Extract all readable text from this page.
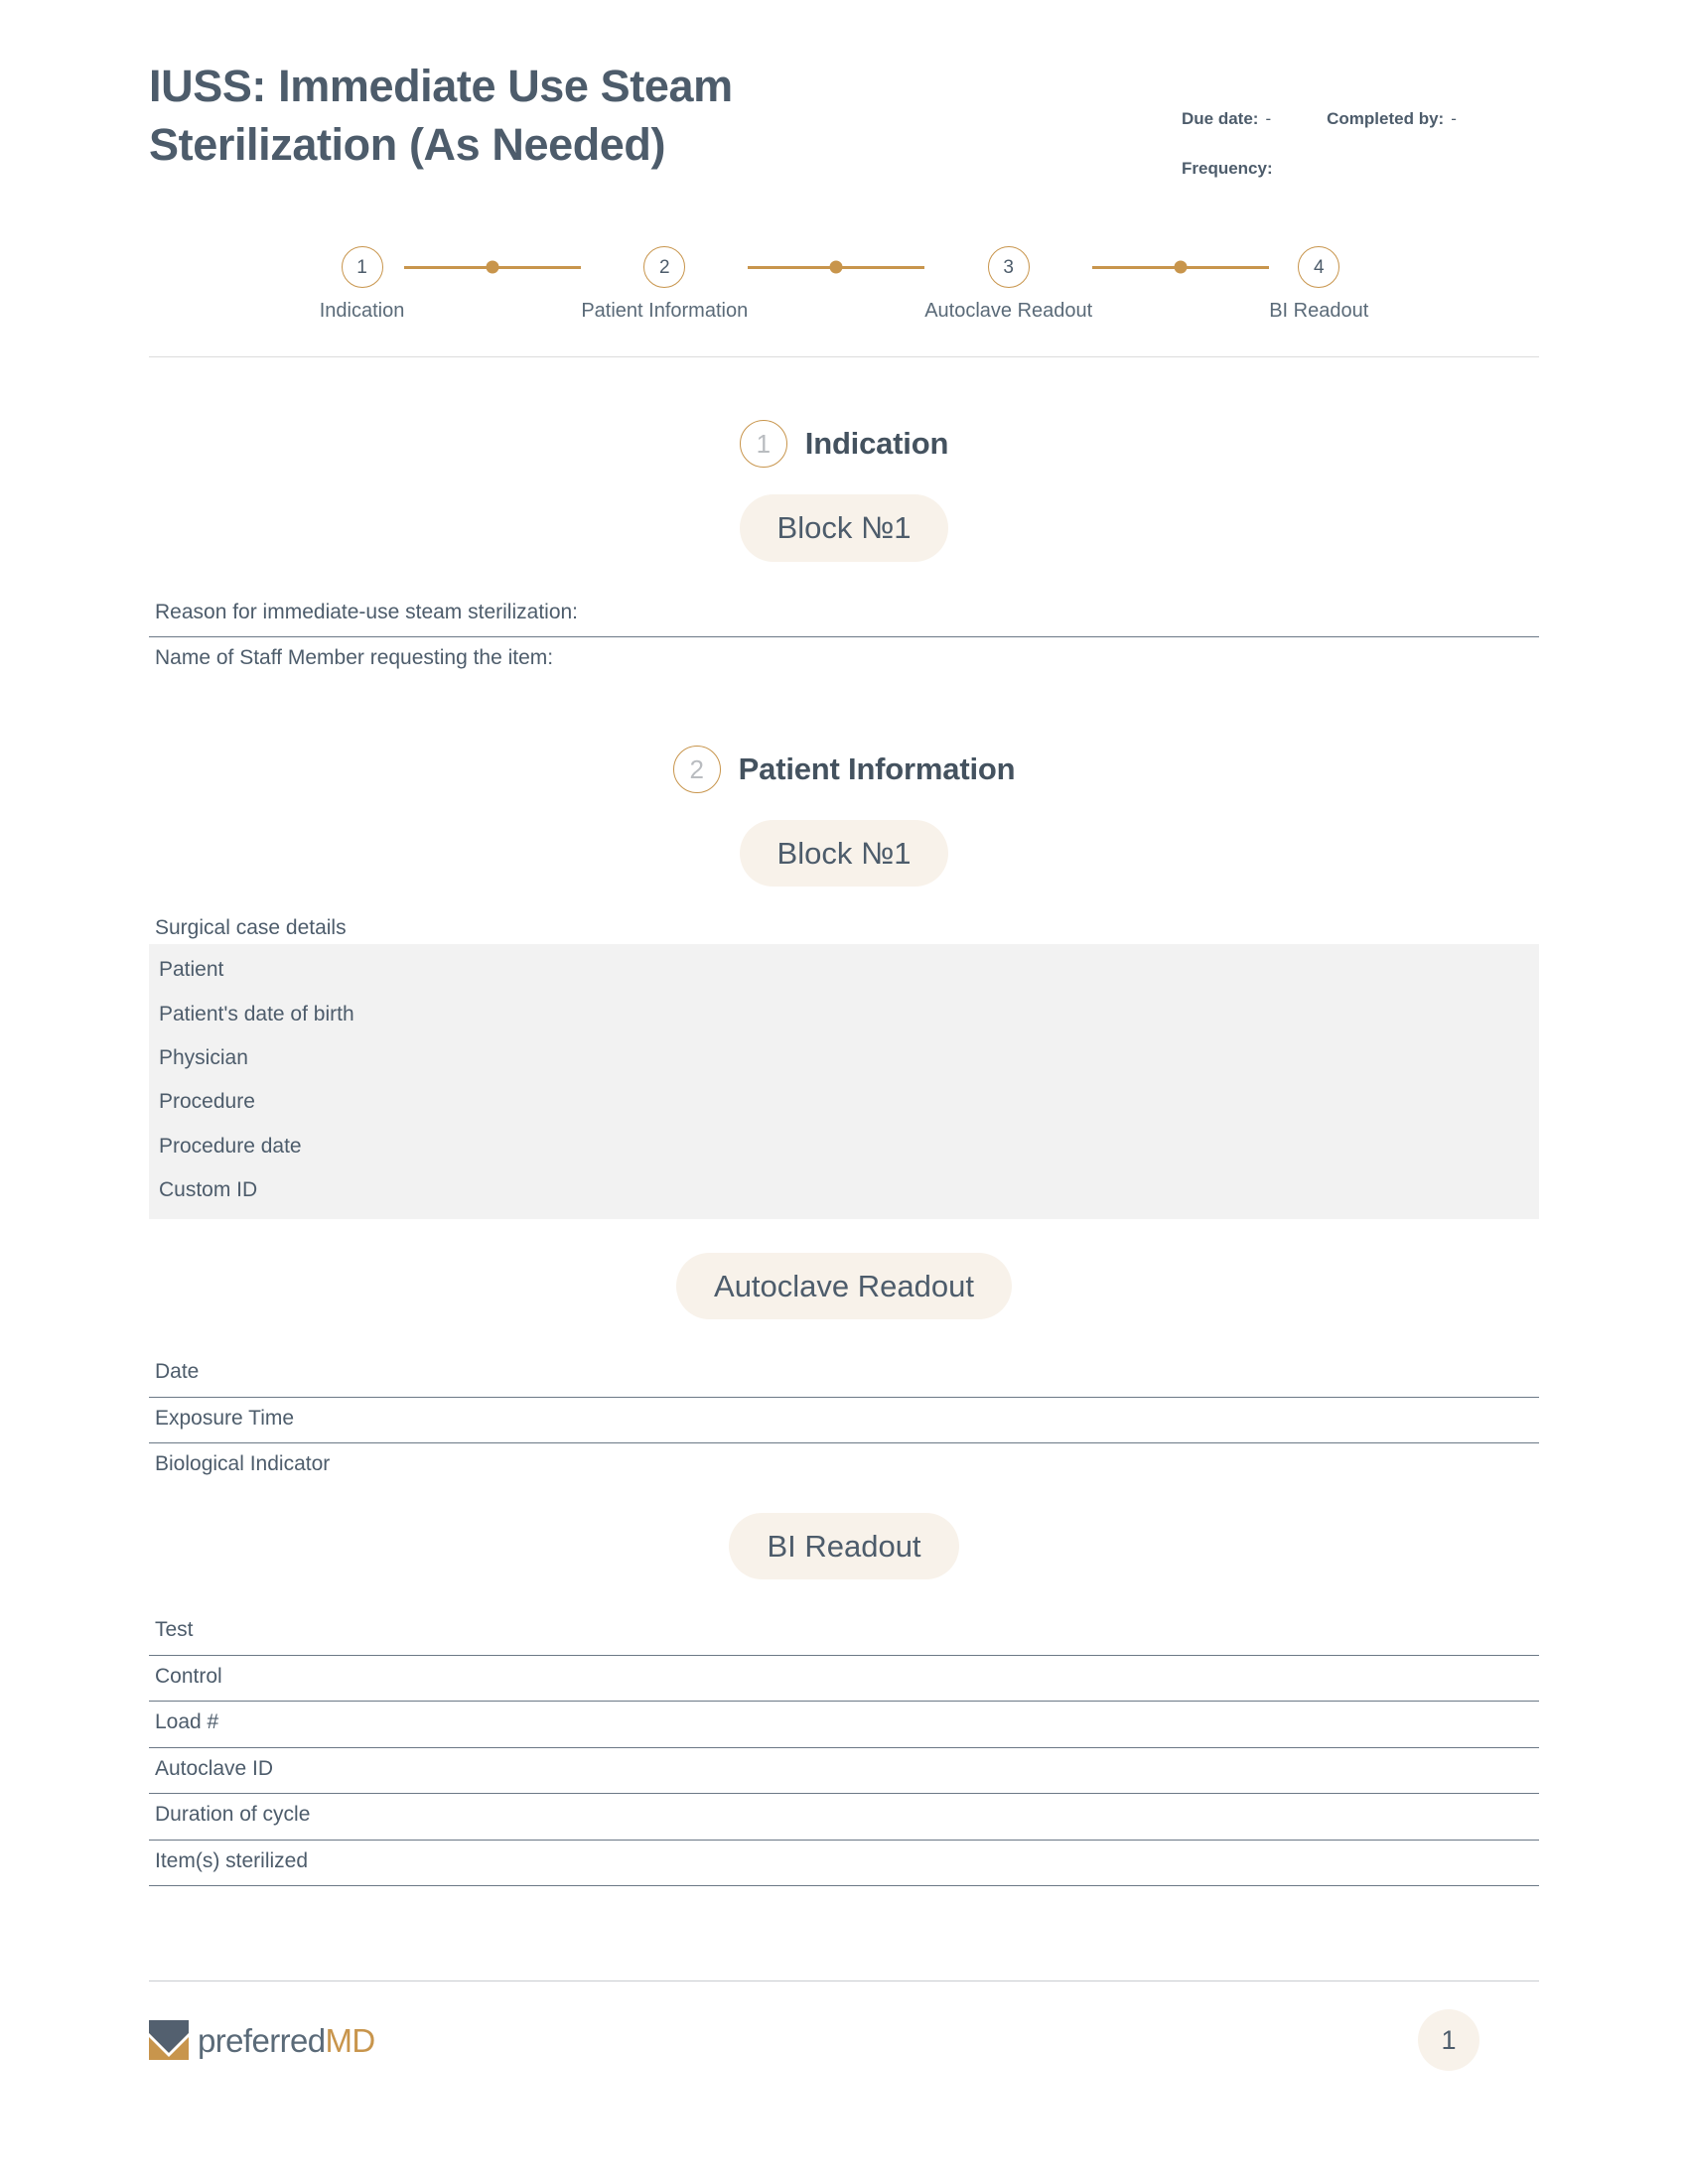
IUSS: Immediate Use Steam Sterilization (As Needed)	Due date: -	Completed by: -
Frequency:
1
Indication
2
Patient Information
3
Autoclave Readout
4
BI Readout
1	Indication
Block №1
Reason for immediate-use steam sterilization:
Name of Staff Member requesting the item:
2	Patient Information
Block №1
Surgical case details
Patient
Patient's date of birth
Physician
Procedure
Procedure date
Custom ID
Autoclave Readout
Date
Exposure Time
Biological Indicator
BI Readout
Test
Control
Load #
Autoclave ID
Duration of cycle
Item(s) sterilized
preferredMD	1
